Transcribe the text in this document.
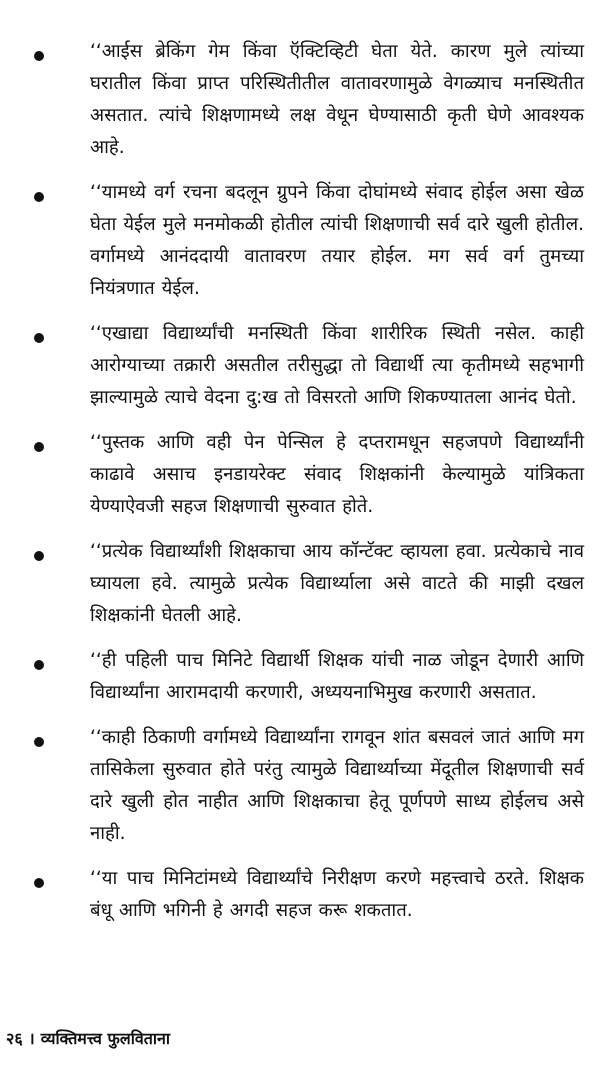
‘‘आईस ब्रेकिंग गेम किंवा ऍक्टिव्हिटी घेता येते. कारण मुले त्यांच्या घरातील किंवा प्राप्त परिस्थितीतील वातावरणामुळे वेगळ्याच मनस्थितीत असतात. त्यांचे शिक्षणामध्ये लक्ष वेधून घेण्यासाठी कृती घेणे आवश्यक आहे.
‘‘यामध्ये वर्ग रचना बदलून ग्रुपने किंवा दोघांमध्ये संवाद होईल असा खेळ घेता येईल मुले मनमोकळी होतील त्यांची शिक्षणाची सर्व दारे खुली होतील. वर्गामध्ये आनंददायी वातावरण तयार होईल. मग सर्व वर्ग तुमच्या नियंत्रणात येईल.
‘‘एखाद्या विद्यार्थ्यांची मनस्थिती किंवा शारीरिक स्थिती नसेल. काही आरोग्याच्या तक्रारी असतील तरीसुद्धा तो विद्यार्थी त्या कृतीमध्ये सहभागी झाल्यामुळे त्याचे वेदना दु:ख तो विसरतो आणि शिकण्यातला आनंद घेतो.
‘‘पुस्तक आणि वही पेन पेन्सिल हे दप्तरामधून सहजपणे विद्यार्थ्यांनी काढावे असाच इनडायरेक्ट संवाद शिक्षकांनी केल्यामुळे यांत्रिकता येण्याऐवजी सहज शिक्षणाची सुरुवात होते.
‘‘प्रत्येक विद्यार्थ्यांशी शिक्षकाचा आय कॉन्टॅक्ट व्हायला हवा. प्रत्येकाचे नाव घ्यायला हवे. त्यामुळे प्रत्येक विद्यार्थ्याला असे वाटते की माझी दखल शिक्षकांनी घेतली आहे.
‘‘ही पहिली पाच मिनिटे विद्यार्थी शिक्षक यांची नाळ जोडून देणारी आणि विद्यार्थ्यांना आरामदायी करणारी, अध्ययनाभिमुख करणारी असतात.
‘‘काही ठिकाणी वर्गामध्ये विद्यार्थ्यांना रागवून शांत बसवलं जातं आणि मग तासिकेला सुरुवात होते परंतु त्यामुळे विद्यार्थ्याच्या मेंदूतील शिक्षणाची सर्व दारे खुली होत नाहीत आणि शिक्षकाचा हेतू पूर्णपणे साध्य होईलच असे नाही.
‘‘या पाच मिनिटांमध्ये विद्यार्थ्यांचे निरीक्षण करणे महत्त्वाचे ठरते. शिक्षक बंधू आणि भगिनी हे अगदी सहज करू शकतात.
२६ । व्यक्तिमत्त्व फुलविताना
